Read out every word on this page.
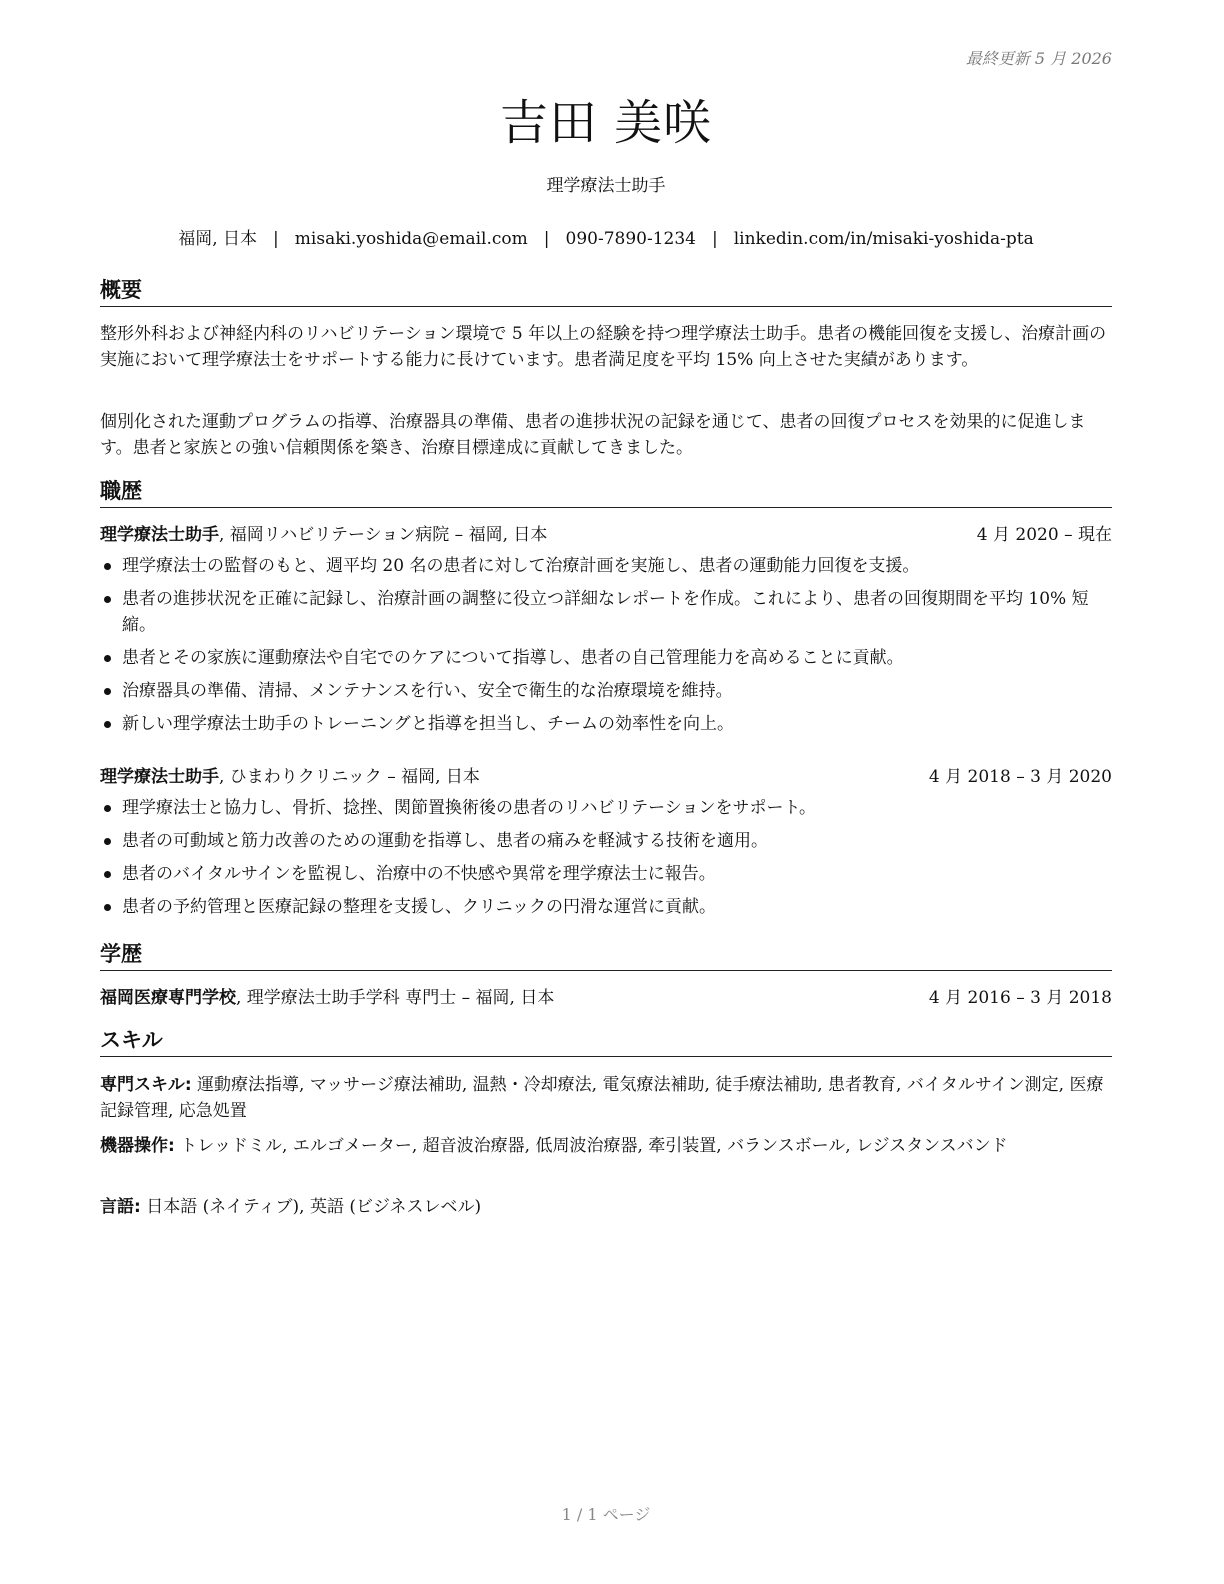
最終更新 5 月 2026
吉田 美咲
理学療法士助手
福岡, 日本 | misaki.yoshida@email.com | 090-7890-1234 | linkedin.com/in/misaki-yoshida-pta
概要
整形外科および神経内科のリハビリテーション環境で 5 年以上の経験を持つ理学療法士助手。患者の機能回復を支援し、治療計画の実施において理学療法士をサポートする能力に長けています。患者満足度を平均 15% 向上させた実績があります。
個別化された運動プログラムの指導、治療器具の準備、患者の進捗状況の記録を通じて、患者の回復プロセスを効果的に促進します。患者と家族との強い信頼関係を築き、治療目標達成に貢献してきました。
職歴
理学療法士助手, 福岡リハビリテーション病院 – 福岡, 日本	4 月 2020 – 現在
理学療法士の監督のもと、週平均 20 名の患者に対して治療計画を実施し、患者の運動能力回復を支援。
患者の進捗状況を正確に記録し、治療計画の調整に役立つ詳細なレポートを作成。これにより、患者の回復期間を平均 10% 短縮。
患者とその家族に運動療法や自宅でのケアについて指導し、患者の自己管理能力を高めることに貢献。
治療器具の準備、清掃、メンテナンスを行い、安全で衛生的な治療環境を維持。
新しい理学療法士助手のトレーニングと指導を担当し、チームの効率性を向上。
理学療法士助手, ひまわりクリニック – 福岡, 日本	4 月 2018 – 3 月 2020
理学療法士と協力し、骨折、捻挫、関節置換術後の患者のリハビリテーションをサポート。
患者の可動域と筋力改善のための運動を指導し、患者の痛みを軽減する技術を適用。
患者のバイタルサインを監視し、治療中の不快感や異常を理学療法士に報告。
患者の予約管理と医療記録の整理を支援し、クリニックの円滑な運営に貢献。
学歴
福岡医療専門学校, 理学療法士助手学科 専門士 – 福岡, 日本	4 月 2016 – 3 月 2018
スキル
専門スキル: 運動療法指導, マッサージ療法補助, 温熱・冷却療法, 電気療法補助, 徒手療法補助, 患者教育, バイタルサイン測定, 医療記録管理, 応急処置
機器操作: トレッドミル, エルゴメーター, 超音波治療器, 低周波治療器, 牽引装置, バランスボール, レジスタンスバンド
言語: 日本語 (ネイティブ), 英語 (ビジネスレベル)
1 / 1 ページ
